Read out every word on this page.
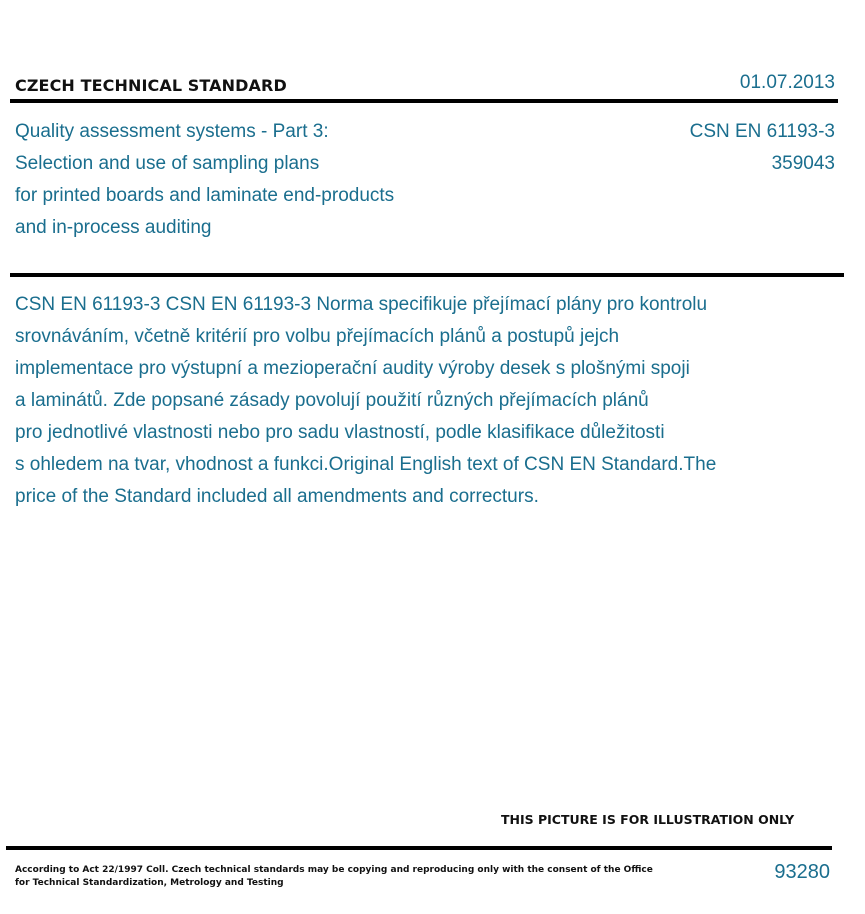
CZECH TECHNICAL STANDARD	01.07.2013
Quality assessment systems - Part 3:
Selection and use of sampling plans
for printed boards and laminate end-products
and in-process auditing
CSN EN 61193-3
359043
CSN EN 61193-3 CSN EN 61193-3 Norma specifikuje přejímací plány pro kontrolu
srovnáváním, včetně kritérií pro volbu přejímacích plánů a postupů jejch
implementace pro výstupní a mezioperační audity výroby desek s plošnými spoji
a laminátů. Zde popsané zásady povolují použití různých přejímacích plánů
pro jednotlivé vlastnosti nebo pro sadu vlastností, podle klasifikace důležitosti
s ohledem na tvar, vhodnost a funkci.Original English text of CSN EN Standard.The
price of the Standard included all amendments and correcturs.
THIS PICTURE IS FOR ILLUSTRATION ONLY
According to Act 22/1997 Coll. Czech technical standards may be copying and reproducing only with the consent of the Office
for Technical Standardization, Metrology and Testing	93280
